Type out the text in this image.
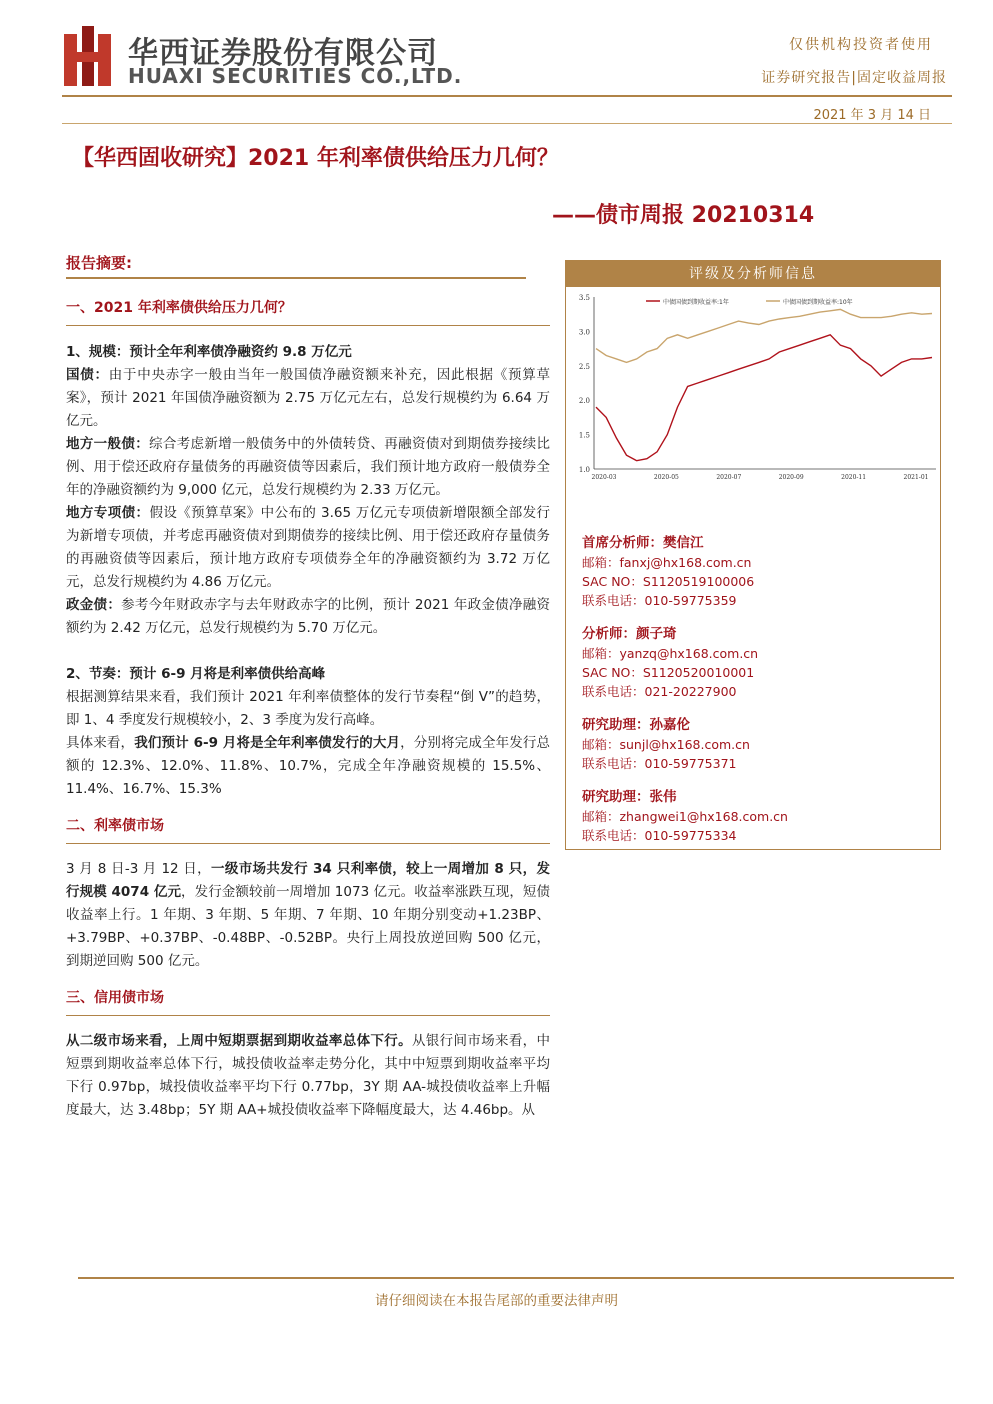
华西证券股份有限公司
HUAXI SECURITIES CO.,LTD.
仅供机构投资者使用
证券研究报告|固定收益周报
2021 年 3 月 14 日
【华西固收研究】2021 年利率债供给压力几何？
——债市周报 20210314
报告摘要:
一、2021 年利率债供给压力几何？
1、规模：预计全年利率债净融资约 9.8 万亿元
国债：由于中央赤字一般由当年一般国债净融资额来补充，因此根据《预算草案》，预计 2021 年国债净融资额为 2.75 万亿元左右，总发行规模约为 6.64 万亿元。
地方一般债：综合考虑新增一般债务中的外债转贷、再融资债对到期债券接续比例、用于偿还政府存量债务的再融资债等因素后，我们预计地方政府一般债券全年的净融资额约为 9,000 亿元，总发行规模约为 2.33 万亿元。
地方专项债：假设《预算草案》中公布的 3.65 万亿元专项债新增限额全部发行为新增专项债，并考虑再融资债对到期债券的接续比例、用于偿还政府存量债务的再融资债等因素后，预计地方政府专项债券全年的净融资额约为 3.72 万亿元，总发行规模约为 4.86 万亿元。
政金债：参考今年财政赤字与去年财政赤字的比例，预计 2021 年政金债净融资额约为 2.42 万亿元，总发行规模约为 5.70 万亿元。
2、节奏：预计 6-9 月将是利率债供给高峰
根据测算结果来看，我们预计 2021 年利率债整体的发行节奏程“倒 V”的趋势，即 1、4 季度发行规模较小，2、3 季度为发行高峰。
具体来看，我们预计 6-9 月将是全年利率债发行的大月，分别将完成全年发行总额的 12.3%、12.0%、11.8%、10.7%，完成全年净融资规模的 15.5%、11.4%、16.7%、15.3%
二、利率债市场
3 月 8 日-3 月 12 日，一级市场共发行 34 只利率债，较上一周增加 8 只，发行规模 4074 亿元，发行金额较前一周增加 1073 亿元。收益率涨跌互现，短债收益率上行。1 年期、3 年期、5 年期、7 年期、10 年期分别变动+1.23BP、+3.79BP、+0.37BP、-0.48BP、-0.52BP。央行上周投放逆回购 500 亿元，到期逆回购 500 亿元。
三、信用债市场
从二级市场来看，上周中短期票据到期收益率总体下行。从银行间市场来看，中短票到期收益率总体下行，城投债收益率走势分化，其中中短票到期收益率平均下行 0.97bp，城投债收益率平均下行 0.77bp，3Y 期 AA-城投债收益率上升幅度最大，达 3.48bp；5Y 期 AA+城投债收益率下降幅度最大，达 4.46bp。从
评级及分析师信息
3.5
3.0
2.5
2.0
1.5
1.0
2020-03	2020-05	2020-07	2020-09	2020-11	2021-01
中债国债到期收益率:1年	中债国债到期收益率:10年
首席分析师：樊信江
邮箱：fanxj@hx168.com.cn
SAC NO：S1120519100006
联系电话：010-59775359
分析师：颜子琦
邮箱：yanzq@hx168.com.cn
SAC NO：S1120520010001
联系电话：021-20227900
研究助理：孙嘉伦
邮箱：sunjl@hx168.com.cn
联系电话：010-59775371
研究助理：张伟
邮箱：zhangwei1@hx168.com.cn
联系电话：010-59775334
请仔细阅读在本报告尾部的重要法律声明
